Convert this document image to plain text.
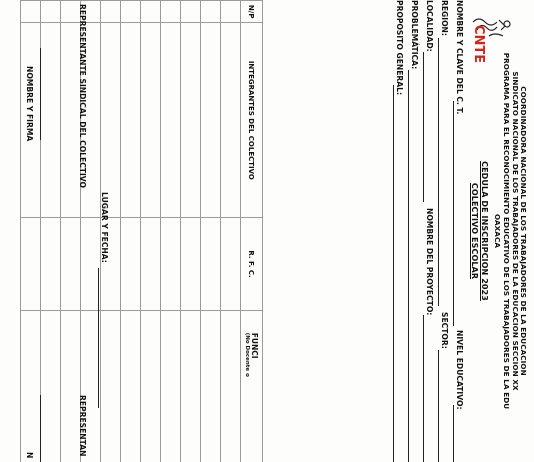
COORDINADORA NACIONAL DE LOS TRABAJADORES DE LA EDUCACION
SINDICATO NACIONAL DE LOS TRABAJADORES DE LA EDUCACION SECCION XX
PROGRAMA PARA EL RECONOCIMIENTO EDUCATIVO DE LOS TRABAJADORES DE LA EDU
OAXACA
CEDULA DE INSCRIPCION 2023
COLECTIVO ESCOLAR
NOMBRE Y CLAVE DEL C. T.
NIVEL EDUCATIVO:
REGION:
SECTOR:
LOCALIDAD:
NOMBRE DEL PROYECTO:
PROBLEMÁTICA:
PROPOSITO GENERAL:
N/P	INTEGRANTES DEL COLECTIVO	R. F. C.	FUNCI
(No Docente o

LUGAR Y FECHA:
REPRESENTANTE SINDICAL DEL COLECTIVO
REPRESENTAN
NOMBRE Y FIRMA
N
CNTE
